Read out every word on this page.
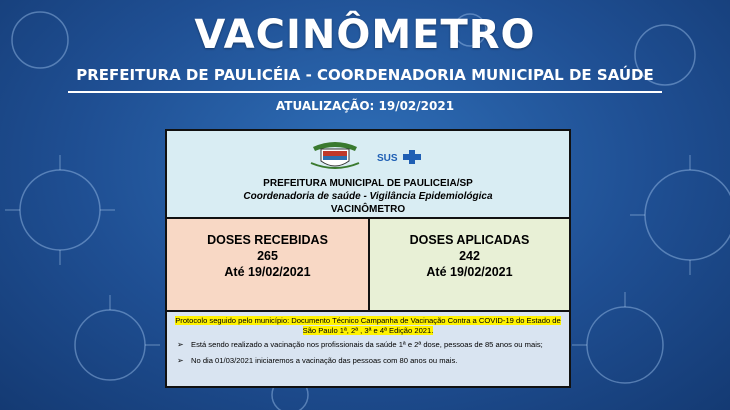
VACINÔMETRO
PREFEITURA DE PAULICÉIA - COORDENADORIA MUNICIPAL DE SAÚDE
ATUALIZAÇÃO: 19/02/2021
SUS
PREFEITURA MUNICIPAL DE PAULICEIA/SP
Coordenadoria de saúde - Vigilância Epidemiológica
VACINÔMETRO
DOSES RECEBIDAS
265
Até 19/02/2021
DOSES APLICADAS
242
Até 19/02/2021
Protocolo seguido pelo município: Documento Técnico Campanha de Vacinação Contra a COVID-19 do Estado de São Paulo 1ª, 2ª , 3ª e 4ª Edição 2021.
➢ Está sendo realizado a vacinação nos profissionais da saúde 1ª e 2ª dose, pessoas de 85 anos ou mais;
➢ No dia 01/03/2021 iniciaremos a vacinação das pessoas com 80 anos ou mais.
